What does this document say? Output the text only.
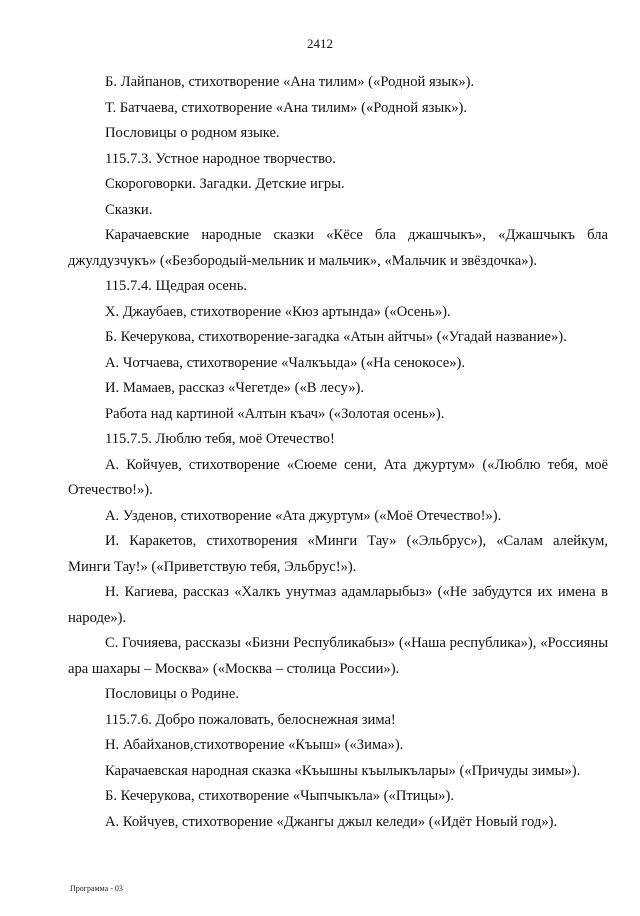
2412

Б. Лайпанов, стихотворение «Ана тилим» («Родной язык»).

Т. Батчаева, стихотворение «Ана тилим» («Родной язык»).

Пословицы о родном языке.

115.7.3. Устное народное творчество.

Скороговорки. Загадки. Детские игры.

Сказки.

Карачаевские народные сказки «Кёсе бла джашчыкъ», «Джашчыкъ бла джулдузчукъ» («Безбородый-мельник и мальчик», «Мальчик и звёздочка»).

115.7.4. Щедрая осень.

Х. Джаубаев, стихотворение «Кюз артында» («Осень»).

Б. Кечерукова, стихотворение-загадка «Атын айтчы» («Угадай название»).

А. Чотчаева, стихотворение «Чалкъыда» («На сенокосе»).

И. Мамаев, рассказ «Чегетде» («В лесу»).

Работа над картиной «Алтын къач» («Золотая осень»).

115.7.5. Люблю тебя, моё Отечество!

А. Койчуев, стихотворение «Сюеме сени, Ата джуртум» («Люблю тебя, моё Отечество!»).

А. Узденов, стихотворение «Ата джуртум» («Моё Отечество!»).

И. Каракетов, стихотворения «Минги Тау» («Эльбрус»), «Салам алейкум, Минги Тау!» («Приветствую тебя, Эльбрус!»).

Н. Кагиева, рассказ «Халкъ унутмаз адамларыбыз» («Не забудутся их имена в народе»).

С. Гочияева, рассказы «Бизни Республикабыз» («Наша республика»), «Россияны ара шахары – Москва» («Москва – столица России»).

Пословицы о Родине.

115.7.6. Добро пожаловать, белоснежная зима!

Н. Абайханов,стихотворение «Къыш» («Зима»).

Карачаевская народная сказка «Къышны къылыкълары» («Причуды зимы»).

Б. Кечерукова, стихотворение «Чыпчыкъла» («Птицы»).

А. Койчуев, стихотворение «Джангы джыл келеди» («Идёт Новый год»).

Программа - 03
